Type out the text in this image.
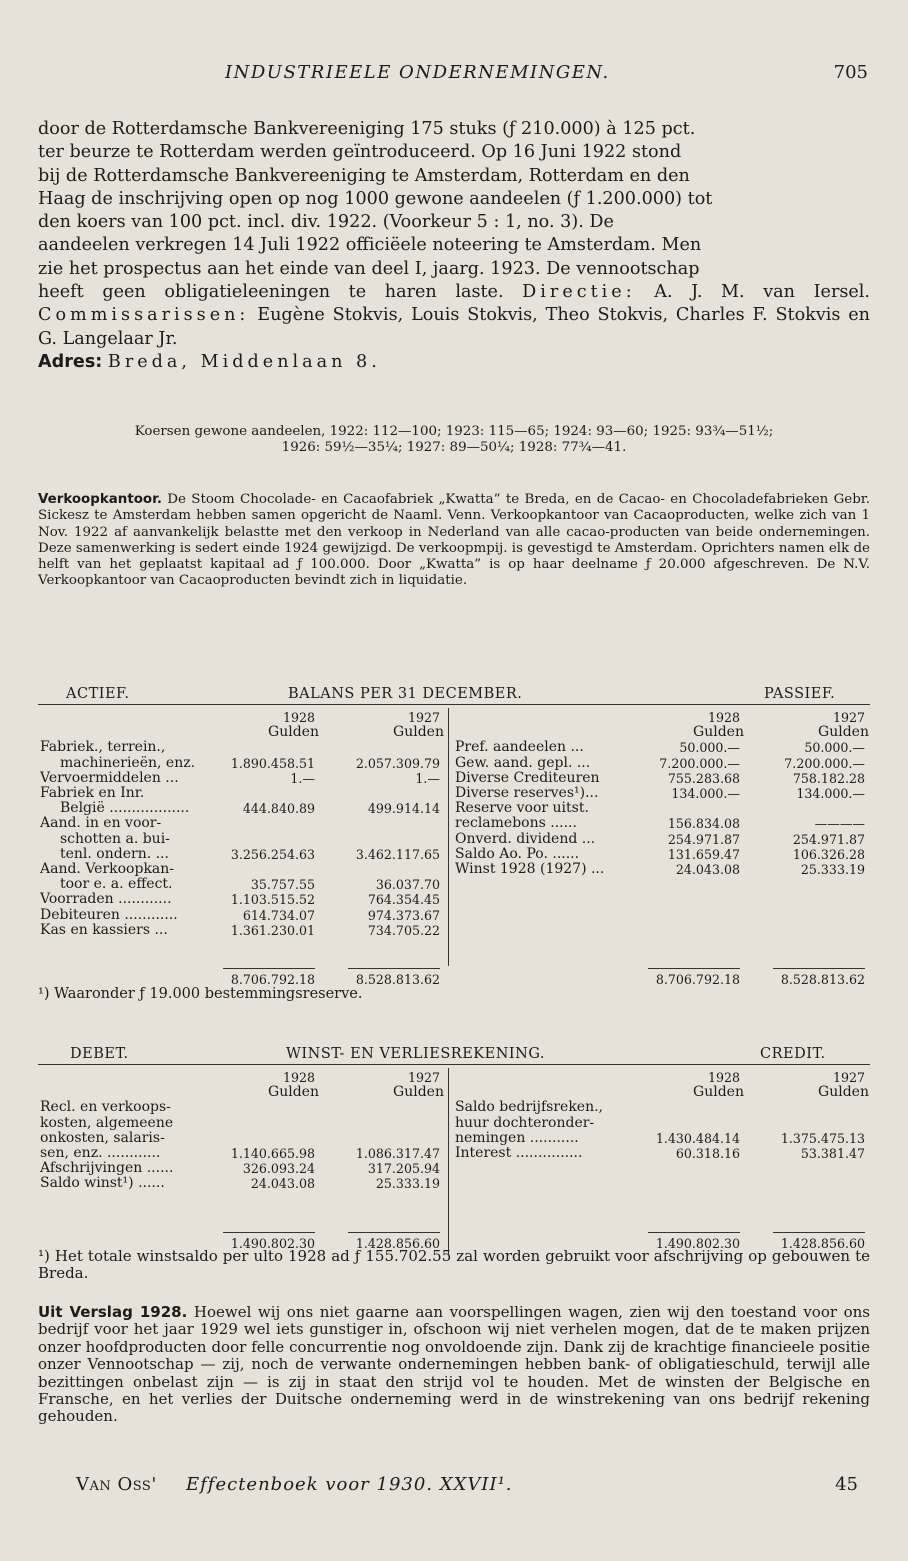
INDUSTRIEELE ONDERNEMINGEN.	705
door de Rotterdamsche Bankvereeniging 175 stuks (ƒ 210.000) à 125 pct.
ter beurze te Rotterdam werden geïntroduceerd. Op 16 Juni 1922 stond
bij de Rotterdamsche Bankvereeniging te Amsterdam, Rotterdam en den
Haag de inschrijving open op nog 1000 gewone aandeelen (ƒ 1.200.000) tot
den koers van 100 pct. incl. div. 1922. (Voorkeur 5 : 1, no. 3). De
aandeelen verkregen 14 Juli 1922 officiëele noteering te Amsterdam. Men
zie het prospectus aan het einde van deel I, jaarg. 1923. De vennootschap
heeft geen obligatieleeningen te haren laste. Directie: A. J. M. van Iersel. Commissarissen: Eugène Stokvis, Louis Stokvis, Theo Stokvis, Charles F. Stokvis en G. Langelaar Jr.
Adres: Breda, Middenlaan 8.
Koersen gewone aandeelen, 1922: 112—100; 1923: 115—65; 1924: 93—60; 1925: 93¾—51½;
1926: 59½—35¼; 1927: 89—50¼; 1928: 77¾—41.

Verkoopkantoor. De Stoom Chocolade- en Cacaofabriek „Kwatta” te Breda, en de Cacao- en Chocoladefabrieken Gebr. Sickesz te Amsterdam hebben samen opgericht de Naaml. Venn. Verkoopkantoor van Cacaoproducten, welke zich van 1 Nov. 1922 af aanvankelijk belastte met den verkoop in Nederland van alle cacao-producten van beide ondernemingen. Deze samenwerking is sedert einde 1924 gewijzigd. De verkoopmpij. is gevestigd te Amsterdam. Oprichters namen elk de helft van het geplaatst kapitaal ad ƒ 100.000. Door „Kwatta” is op haar deelname ƒ 20.000 afgeschreven. De N.V. Verkoopkantoor van Cacaoproducten bevindt zich in liquidatie.

ACTIEF.	BALANS PER 31 DECEMBER.	PASSIEF.
1928	1927
Gulden	Gulden
Fabriek., terrein.,
machinerieën, enz.	1.890.458.51	2.057.309.79
Vervoermiddelen ...	1.—	1.—
Fabriek en Inr.
België ..................	444.840.89	499.914.14
Aand. in en voor-
schotten a. bui-
tenl. ondern. ...	3.256.254.63	3.462.117.65
Aand. Verkoopkan-
toor e. a. effect.	35.757.55	36.037.70
Voorraden ............	1.103.515.52	764.354.45
Debiteuren ............	614.734.07	974.373.67
Kas en kassiers ...	1.361.230.01	734.705.22
8.706.792.18	8.528.813.62
1928	1927
Gulden	Gulden
Pref. aandeelen ...	50.000.—	50.000.—
Gew. aand. gepl. ...	7.200.000.—	7.200.000.—
Diverse Crediteuren	755.283.68	758.182.28
Diverse reserves¹)...	134.000.—	134.000.—
Reserve voor uitst.
reclamebons ......	156.834.08	————
Onverd. dividend ...	254.971.87	254.971.87
Saldo Ao. Po. ......	131.659.47	106.326.28
Winst 1928 (1927) ...	24.043.08	25.333.19
8.706.792.18	8.528.813.62
¹) Waaronder ƒ 19.000 bestemmingsreserve.
DEBET.	WINST- EN VERLIESREKENING.	CREDIT.
1928	1927
Gulden	Gulden
Recl. en verkoops-
kosten, algemeene
onkosten, salaris-
sen, enz. ............	1.140.665.98	1.086.317.47
Afschrijvingen ......	326.093.24	317.205.94
Saldo winst¹) ......	24.043.08	25.333.19
1.490.802.30	1.428.856.60
1928	1927
Gulden	Gulden
Saldo bedrijfsreken.,
huur dochteronder-
nemingen ...........	1.430.484.14	1.375.475.13
Interest ...............	60.318.16	53.381.47
1.490.802.30	1.428.856.60

¹) Het totale winstsaldo per ulto 1928 ad ƒ 155.702.55 zal worden gebruikt voor afschrijving op gebouwen te Breda.

Uit Verslag 1928. Hoewel wij ons niet gaarne aan voorspellingen wagen, zien wij den toestand voor ons bedrijf voor het jaar 1929 wel iets gunstiger in, ofschoon wij niet verhelen mogen, dat de te maken prijzen onzer hoofdproducten door felle concurrentie nog onvoldoende zijn. Dank zij de krachtige financieele positie onzer Vennootschap — zij, noch de verwante ondernemingen hebben bank- of obligatieschuld, terwijl alle bezittingen onbelast zijn — is zij in staat den strijd vol te houden. Met de winsten der Belgische en Fransche, en het verlies der Duitsche onderneming werd in de winstrekening van ons bedrijf rekening gehouden.

Van Oss' Effectenboek voor 1930. XXVII¹.	45
